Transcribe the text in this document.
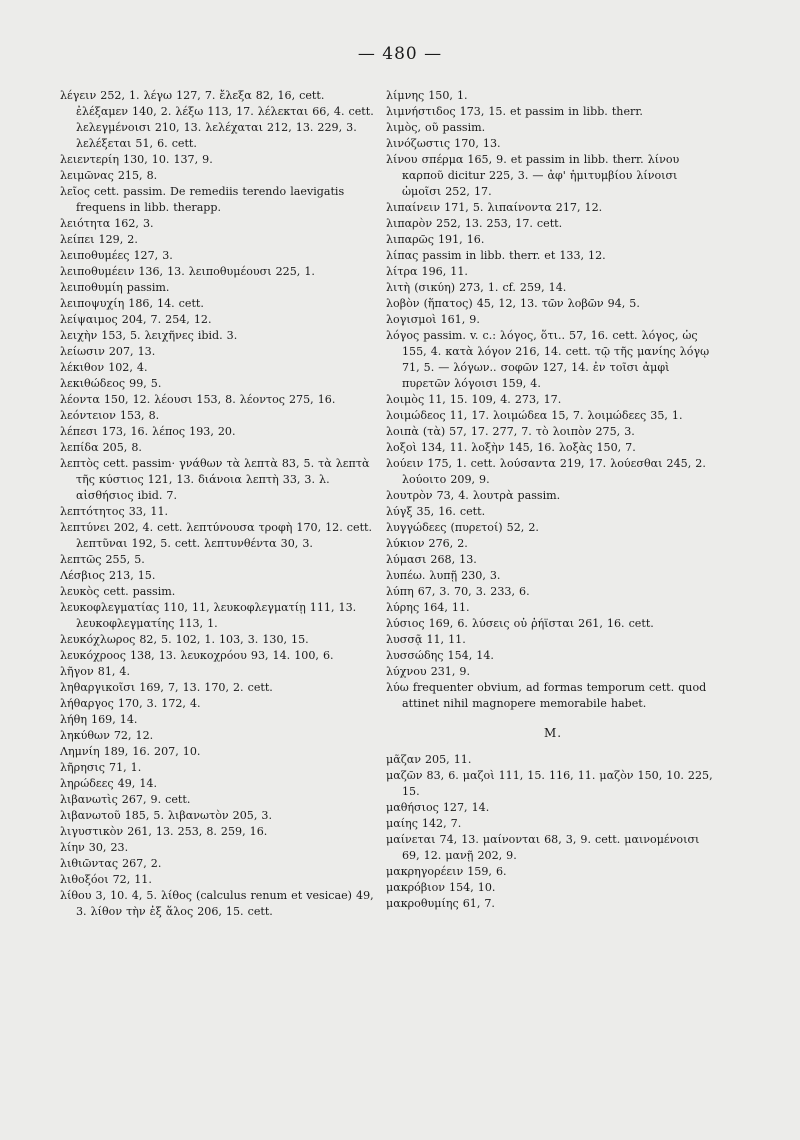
— 480 —
λέγειν 252, 1. λέγω 127, 7. ἔλεξα 82, 16, cett. ἐλέξαμεν 140, 2. λέξω 113, 17. λέλεκται 66, 4. cett. λελεγμένοισι 210, 13. λελέχαται 212, 13. 229, 3. λελέξεται 51, 6. cett.
λειεντερίη 130, 10. 137, 9.
λειμῶνας 215, 8.
λεῖος cett. passim. De remediis terendo laevigatis frequens in libb. therapp.
λειότητα 162, 3.
λείπει 129, 2.
λειποθυμέες 127, 3.
λειποθυμέειν 136, 13. λειποθυμέουσι 225, 1.
λειποθυμίη passim.
λειποψυχίη 186, 14. cett.
λείψαιμος 204, 7. 254, 12.
λειχὴν 153, 5. λειχῆνες ibid. 3.
λείωσιν 207, 13.
λέκιθον 102, 4.
λεκιθώδεος 99, 5.
λέοντα 150, 12. λέουσι 153, 8. λέοντος 275, 16.
λεόντειον 153, 8.
λέπεσι 173, 16. λέπος 193, 20.
λεπίδα 205, 8.
λεπτὸς cett. passim· γνάθων τὰ λεπτὰ 83, 5. τὰ λεπτὰ τῆς κύστιος 121, 13. διάνοια λεπτὴ 33, 3. λ. αἰσθήσιος ibid. 7.
λεπτότητος 33, 11.
λεπτύνει 202, 4. cett. λεπτύνουσα τροφὴ 170, 12. cett. λεπτῦναι 192, 5. cett. λεπτυνθέντα 30, 3.
λεπτῶς 255, 5.
Λέσβιος 213, 15.
λευκὸς cett. passim.
λευκοφλεγματίας 110, 11, λευκοφλεγματίῃ 111, 13. λευκοφλεγματίης 113, 1.
λευκόχλωρος 82, 5. 102, 1. 103, 3. 130, 15.
λευκόχροος 138, 13. λευκοχρόου 93, 14. 100, 6.
λῆγον 81, 4.
ληθαργικοῖσι 169, 7, 13. 170, 2. cett.
λήθαργος 170, 3. 172, 4.
λήθη 169, 14.
ληκύθων 72, 12.
Λημνίη 189, 16. 207, 10.
λῆρησις 71, 1.
ληρώδεες 49, 14.
λιβανωτὶς 267, 9. cett.
λιβανωτοῦ 185, 5. λιβανωτὸν 205, 3.
λιγυστικὸν 261, 13. 253, 8. 259, 16.
λίην 30, 23.
λιθιῶντας 267, 2.
λιθοξόοι 72, 11.
λίθου 3, 10. 4, 5. λίθος (calculus renum et vesicae) 49, 3. λίθον τὴν ἐξ ἅλος 206, 15. cett.
λίμνης 150, 1.
λιμνήστιδος 173, 15. et passim in libb. therr.
λιμὸς, οῦ passim.
λινόζωστις 170, 13.
λίνου σπέρμα 165, 9. et passim in libb. therr. λίνου καρποῦ dicitur 225, 3. — ἀφ' ἡμιτυμβίου λίνοισι ὠμοῖσι 252, 17.
λιπαίνειν 171, 5. λιπαίνοντα 217, 12.
λιπαρὸν 252, 13. 253, 17. cett.
λιπαρῶς 191, 16.
λίπας passim in libb. therr. et 133, 12.
λίτρα 196, 11.
λιτὴ (σικύη) 273, 1. cf. 259, 14.
λοβὸν (ἥπατος) 45, 12, 13. τῶν λοβῶν 94, 5.
λογισμοὶ 161, 9.
λόγος passim. v. c.: λόγος, ὅτι.. 57, 16. cett. λόγος, ὡς 155, 4. κατὰ λόγον 216, 14. cett. τῷ τῆς μανίης λόγῳ 71, 5. — λόγων.. σοφῶν 127, 14. ἐν τοῖσι ἀμφὶ πυρετῶν λόγοισι 159, 4.
λοιμὸς 11, 15. 109, 4. 273, 17.
λοιμώδεος 11, 17. λοιμώδεα 15, 7. λοιμώδεες 35, 1.
λοιπὰ (τὰ) 57, 17. 277, 7. τὸ λοιπὸν 275, 3.
λοξοὶ 134, 11. λοξὴν 145, 16. λοξὰς 150, 7.
λούειν 175, 1. cett. λούσαντα 219, 17. λούεσθαι 245, 2. λούοιτο 209, 9.
λουτρὸν 73, 4. λουτρὰ passim.
λύγξ 35, 16. cett.
λυγγώδεες (πυρετοί) 52, 2.
λύκιον 276, 2.
λύμασι 268, 13.
λυπέω. λυπῇ 230, 3.
λύπη 67, 3. 70, 3. 233, 6.
λύρης 164, 11.
λύσιος 169, 6. λύσεις οὐ ῥήϊσται 261, 16. cett.
λυσσᾷ 11, 11.
λυσσώδης 154, 14.
λύχνου 231, 9.
λύω frequenter obvium, ad formas temporum cett. quod attinet nihil magnopere memorabile habet.
M.
μᾶζαν 205, 11.
μαζῶν 83, 6. μαζοὶ 111, 15. 116, 11. μαζὸν 150, 10. 225, 15.
μαθήσιος 127, 14.
μαίης 142, 7.
μαίνεται 74, 13. μαίνονται 68, 3, 9. cett. μαινομένοισι 69, 12. μανῇ 202, 9.
μακρηγορέειν 159, 6.
μακρόβιον 154, 10.
μακροθυμίης 61, 7.
